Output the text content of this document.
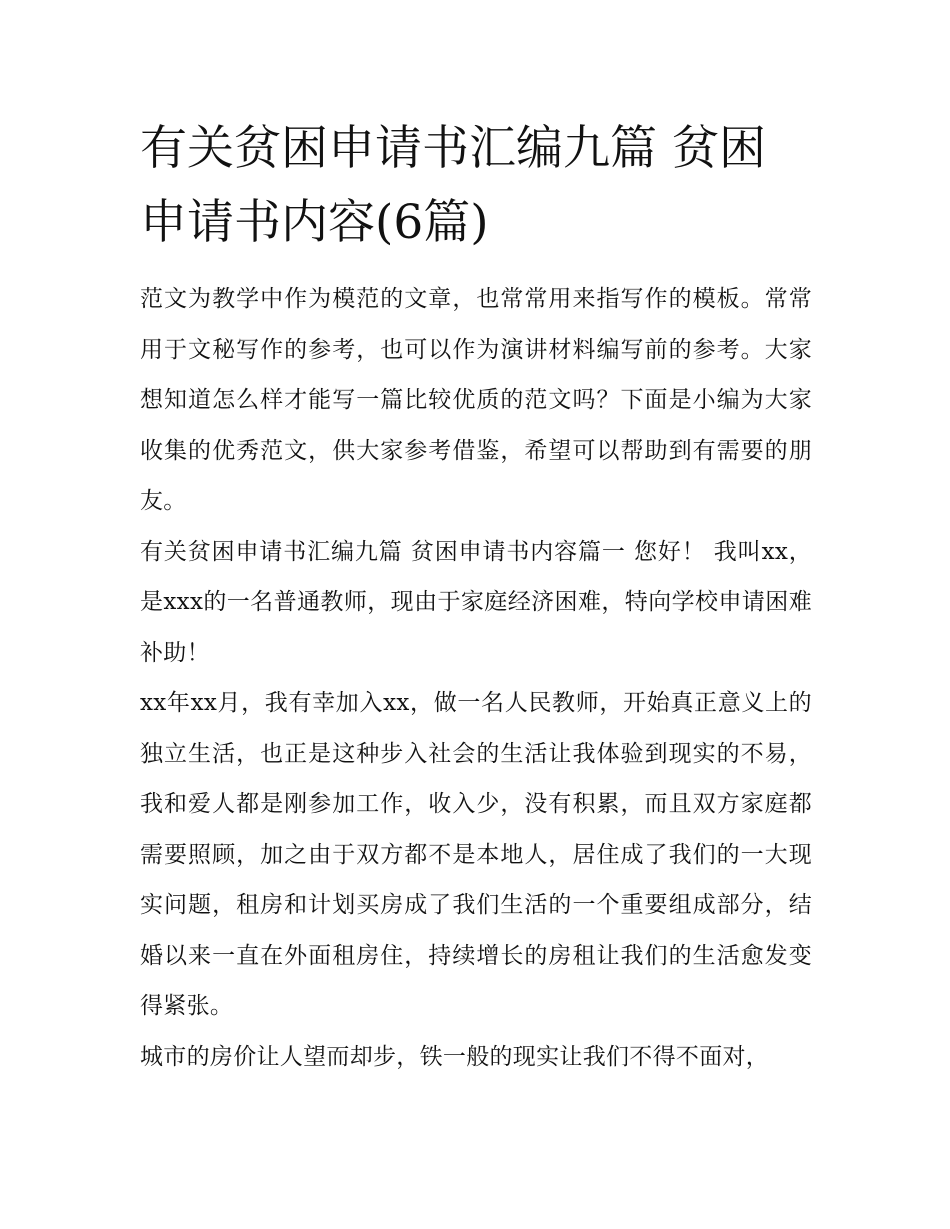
有关贫困申请书汇编九篇 贫困申请书内容(6篇)

范文为教学中作为模范的文章，也常常用来指写作的模板。常常用于文秘写作的参考，也可以作为演讲材料编写前的参考。大家想知道怎么样才能写一篇比较优质的范文吗？下面是小编为大家收集的优秀范文，供大家参考借鉴，希望可以帮助到有需要的朋友。

有关贫困申请书汇编九篇 贫困申请书内容篇一 您好！ 我叫xx，是xxx的一名普通教师，现由于家庭经济困难，特向学校申请困难补助！

xx年xx月，我有幸加入xx，做一名人民教师，开始真正意义上的独立生活，也正是这种步入社会的生活让我体验到现实的不易，我和爱人都是刚参加工作，收入少，没有积累，而且双方家庭都需要照顾，加之由于双方都不是本地人，居住成了我们的一大现实问题，租房和计划买房成了我们生活的一个重要组成部分，结婚以来一直在外面租房住，持续增长的房租让我们的生活愈发变得紧张。

城市的房价让人望而却步，铁一般的现实让我们不得不面对，
